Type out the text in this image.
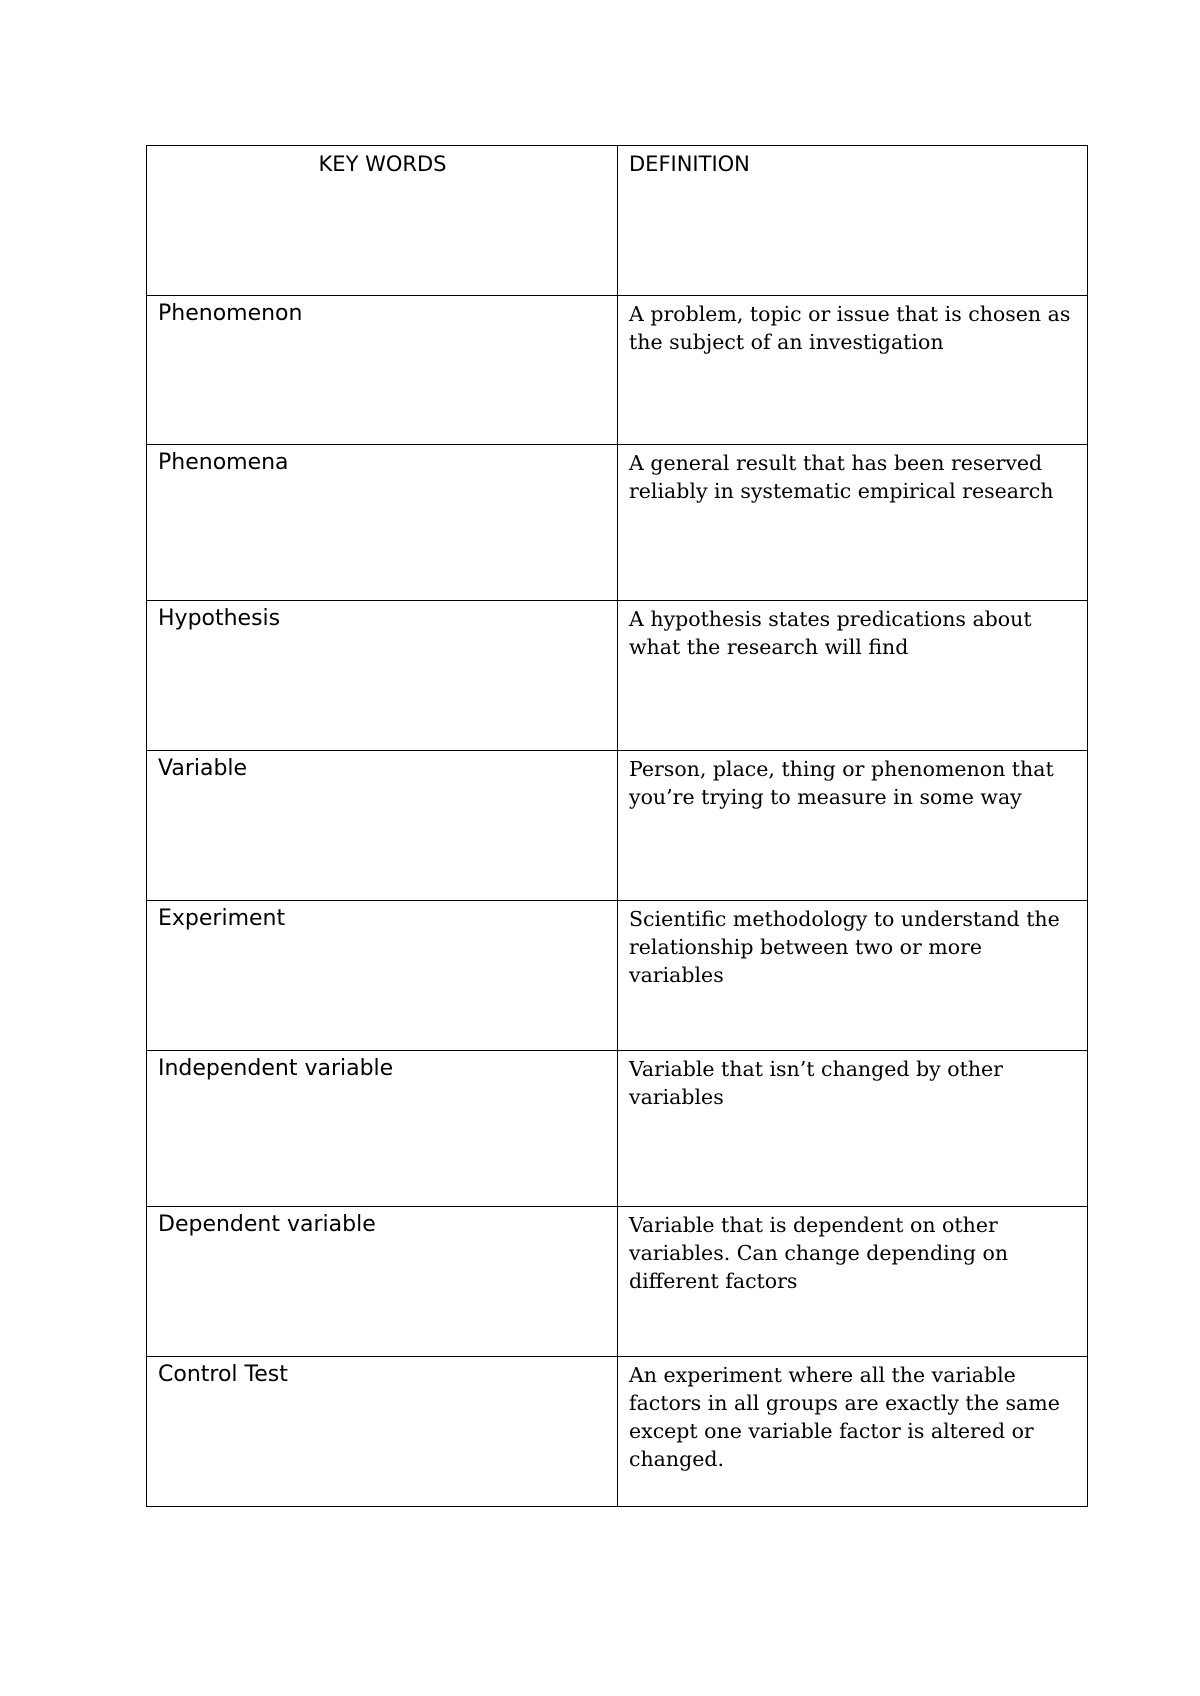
KEY WORDS	DEFINITION

Phenomenon	A problem, topic or issue that is chosen as the subject of an investigation

Phenomena	A general result that has been reserved reliably in systematic empirical research

Hypothesis	A hypothesis states predications about what the research will find

Variable	Person, place, thing or phenomenon that you’re trying to measure in some way

Experiment	Scientific methodology to understand the relationship between two or more variables

Independent variable	Variable that isn’t changed by other variables

Dependent variable	Variable that is dependent on other variables. Can change depending on different factors

Control Test	An experiment where all the variable factors in all groups are exactly the same except one variable factor is altered or changed.
